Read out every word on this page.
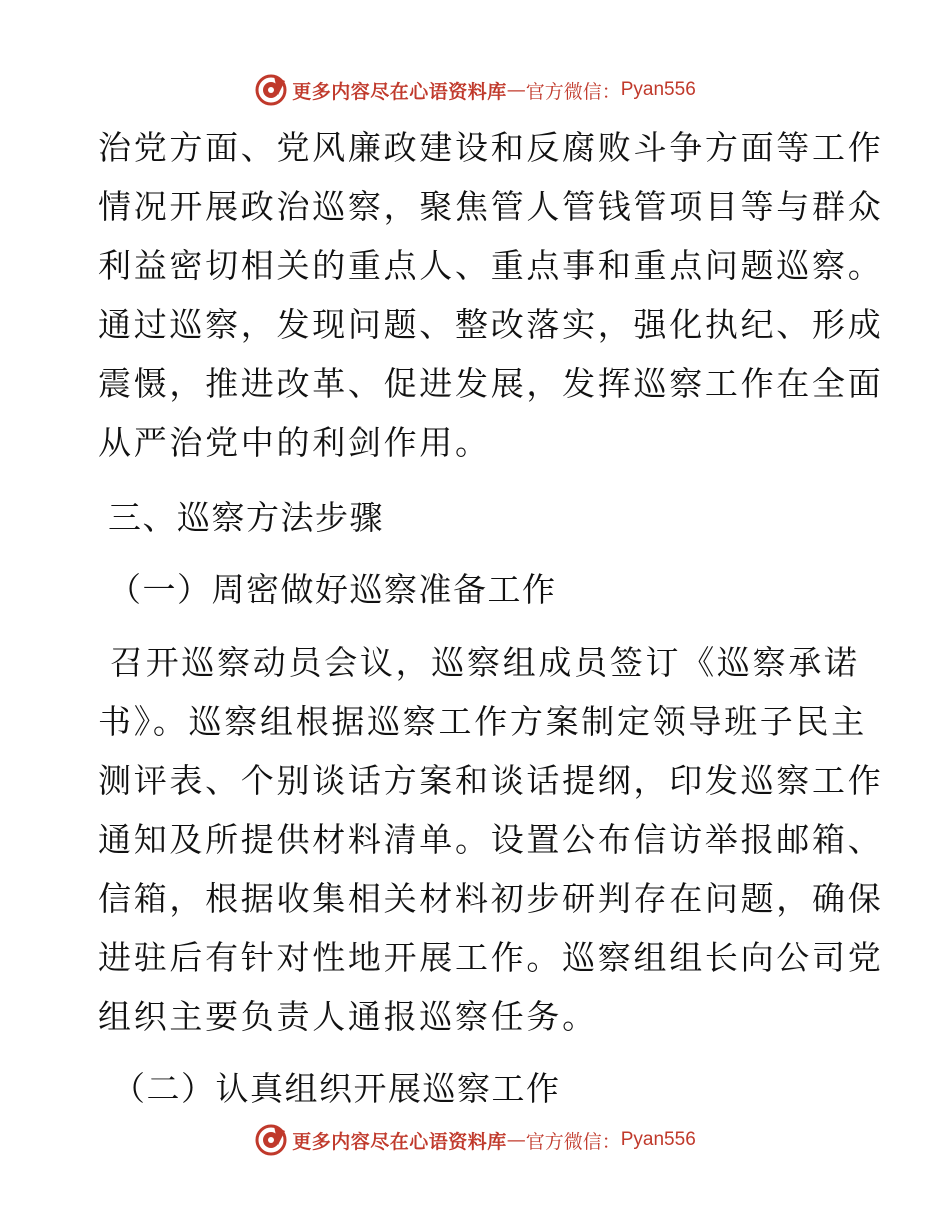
更多内容尽在心语资料库 — 官方微信： Pyan556
治党方面、党风廉政建设和反腐败斗争方面等工作
情况开展政治巡察，聚焦管人管钱管项目等与群众
利益密切相关的重点人、重点事和重点问题巡察。
通过巡察，发现问题、整改落实，强化执纪、形成
震慑，推进改革、促进发展，发挥巡察工作在全面
从严治党中的利剑作用。
三、巡察方法步骤
（一）周密做好巡察准备工作
召开巡察动员会议，巡察组成员签订《巡察承诺
书》。巡察组根据巡察工作方案制定领导班子民主
测评表、个别谈话方案和谈话提纲，印发巡察工作
通知及所提供材料清单。设置公布信访举报邮箱、
信箱，根据收集相关材料初步研判存在问题，确保
进驻后有针对性地开展工作。巡察组组长向公司党
组织主要负责人通报巡察任务。
（二）认真组织开展巡察工作
更多内容尽在心语资料库 — 官方微信： Pyan556
